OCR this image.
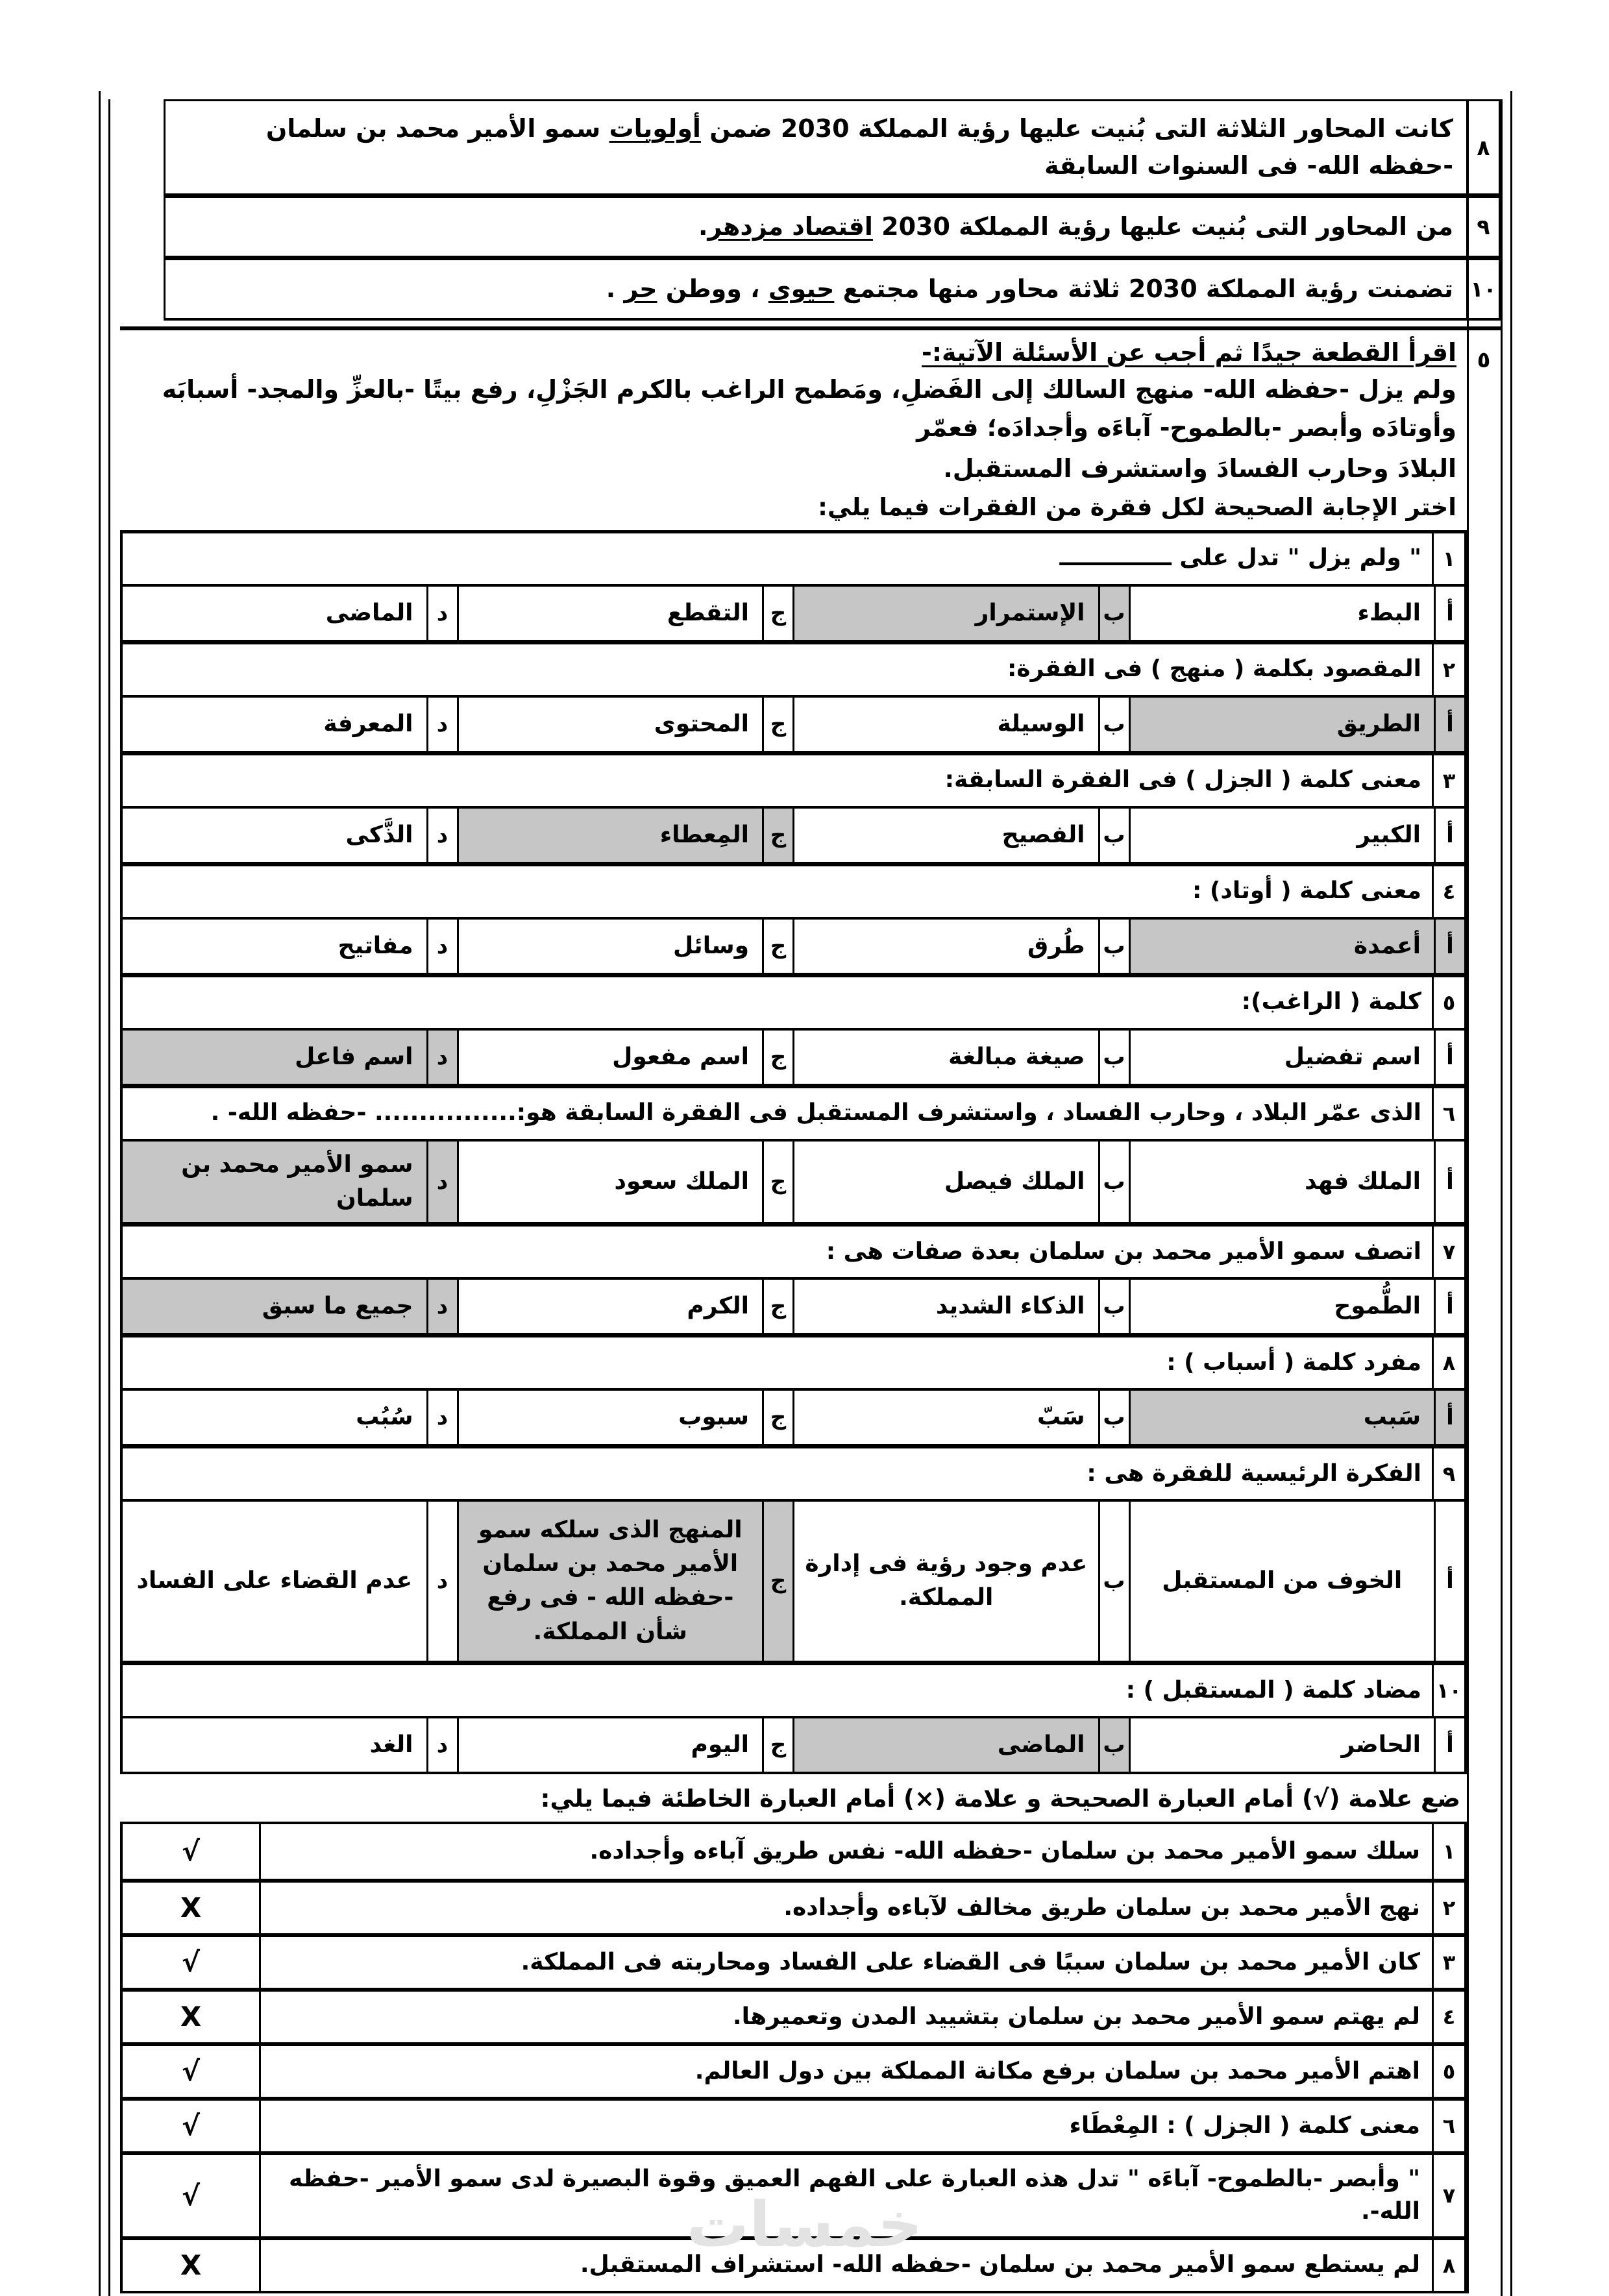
٨
كانت المحاور الثلاثة التى بُنيت عليها رؤية المملكة 2030 ضمن أولويات سمو الأمير محمد بن سلمان -حفظه الله- فى السنوات السابقة
٩
من المحاور التى بُنيت عليها رؤية المملكة 2030 اقتصاد مزدهر.
١٠
تضمنت رؤية المملكة 2030 ثلاثة محاور منها مجتمع حيوى ، ووطن حر .
٥
اقرأ القطعة جيدًا ثم أجب عن الأسئلة الآتية:-
ولم يزل -حفظه الله- منهج السالك إلى الفَضلِ، ومَطمح الراغب بالكرم الجَزْلِ، رفع بيتًا -بالعزِّ والمجد- أسبابَه وأوتادَه وأبصر -بالطموح- آباءَه وأجدادَه؛ فعمّر
البلادَ وحارب الفسادَ واستشرف المستقبل.
اختر الإجابة الصحيحة لكل فقرة من الفقرات فيما يلي:
١
" ولم يزل " تدل على ــــــــــــــ
أ
البطء
ب
الإستمرار
ج
التقطع
د
الماضى
٢
المقصود بكلمة ( منهج ) فى الفقرة:
أ
الطريق
ب
الوسيلة
ج
المحتوى
د
المعرفة
٣
معنى كلمة ( الجزل ) فى الفقرة السابقة:
أ
الكبير
ب
الفصيح
ج
المِعطاء
د
الذَّكى
٤
معنى كلمة ( أوتاد) :
أ
أعمدة
ب
طُرق
ج
وسائل
د
مفاتيح
٥
كلمة ( الراغب):
أ
اسم تفضيل
ب
صيغة مبالغة
ج
اسم مفعول
د
اسم فاعل
٦
الذى عمّر البلاد ، وحارب الفساد ، واستشرف المستقبل فى الفقرة السابقة هو:................ -حفظه الله- .
أ
الملك فهد
ب
الملك فيصل
ج
الملك سعود
د
سمو الأمير محمد بن سلمان
٧
اتصف سمو الأمير محمد بن سلمان بعدة صفات هى :
أ
الطُّموح
ب
الذكاء الشديد
ج
الكرم
د
جميع ما سبق
٨
مفرد كلمة ( أسباب ) :
أ
سَبب
ب
سَبّ
ج
سبوب
د
سُبُب
٩
الفكرة الرئيسية للفقرة هى :
أ
الخوف من المستقبل
ب
عدم وجود رؤية فى إدارة المملكة.
ج
المنهج الذى سلكه سمو الأمير محمد بن سلمان -حفظه الله - فى رفع شأن المملكة.
د
عدم القضاء على الفساد
١٠
مضاد كلمة ( المستقبل ) :
أ
الحاضر
ب
الماضى
ج
اليوم
د
الغد
ضع علامة (√) أمام العبارة الصحيحة و علامة (×) أمام العبارة الخاطئة فيما يلي:
١
سلك سمو الأمير محمد بن سلمان -حفظه الله- نفس طريق آباءه وأجداده.
√
٢
نهج الأمير محمد بن سلمان طريق مخالف لآباءه وأجداده.
X
٣
كان الأمير محمد بن سلمان سببًا فى القضاء على الفساد ومحاربته فى المملكة.
√
٤
لم يهتم سمو الأمير محمد بن سلمان بتشييد المدن وتعميرها.
X
٥
اهتم الأمير محمد بن سلمان برفع مكانة المملكة بين دول العالم.
√
٦
معنى كلمة ( الجزل ) : المِعْطَاء
√
٧
" وأبصر -بالطموح- آباءَه " تدل هذه العبارة على الفهم العميق وقوة البصيرة لدى سمو الأمير -حفظه الله-.
√
٨
لم يستطع سمو الأمير محمد بن سلمان -حفظه الله- استشراف المستقبل.
X
خمسات
